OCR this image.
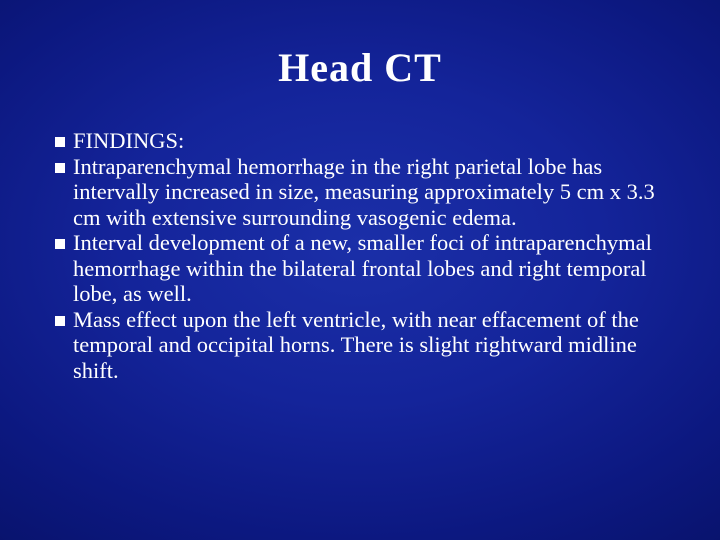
Head CT
FINDINGS:
Intraparenchymal hemorrhage in the right parietal lobe has intervally increased in size, measuring approximately 5 cm x 3.3 cm with extensive surrounding vasogenic edema.
Interval development of a new, smaller foci of intraparenchymal hemorrhage within the bilateral frontal lobes and right temporal lobe, as well.
Mass effect upon the left ventricle, with near effacement of the temporal and occipital horns. There is slight rightward midline shift.
